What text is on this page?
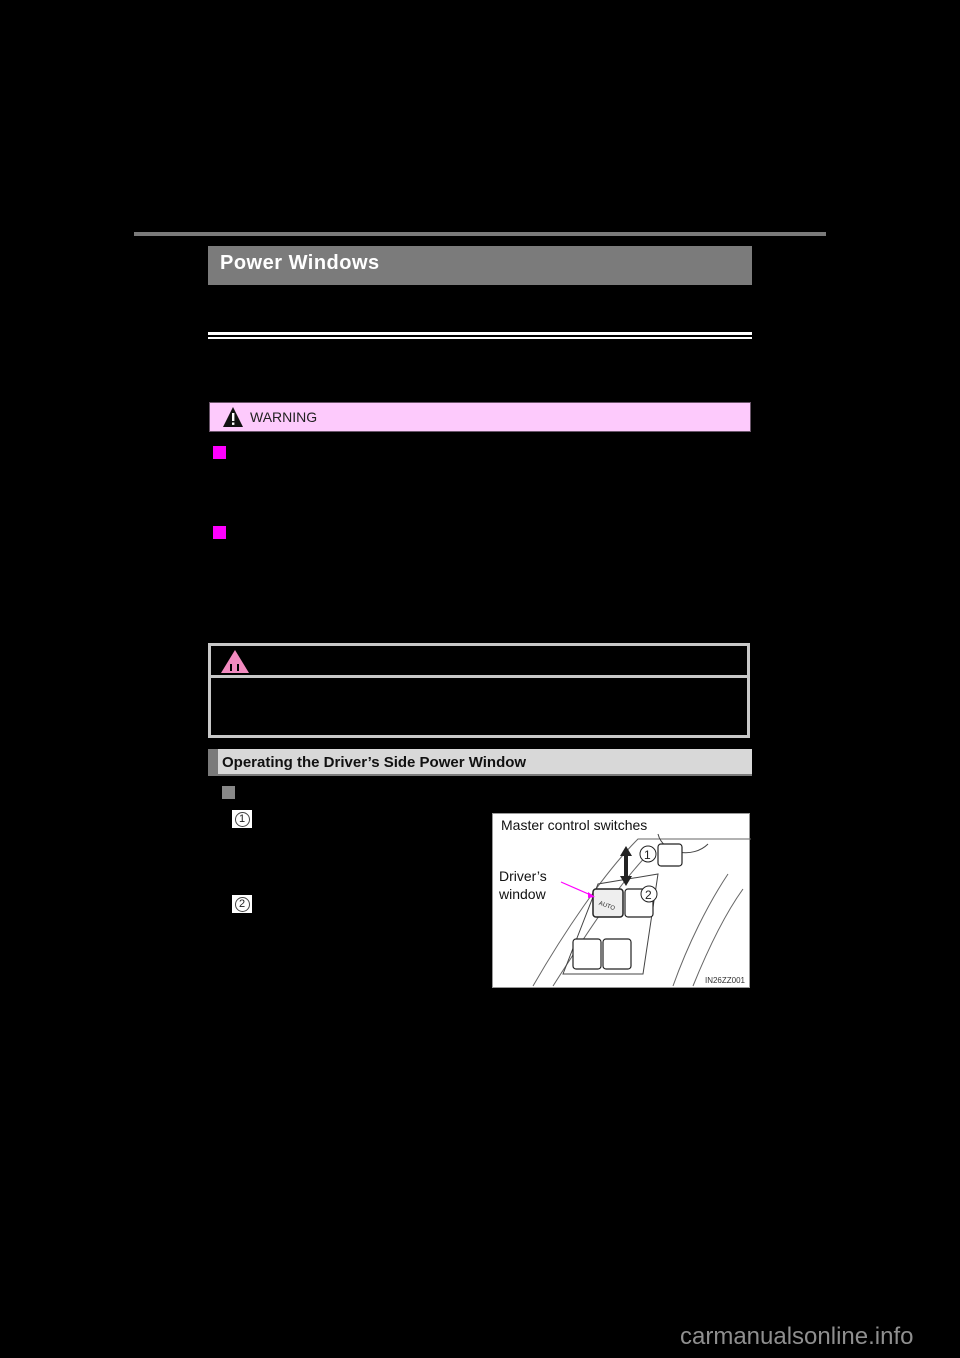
Power Windows
WARNING
Operating the Driver’s Side Power Window
1
2
Master control switches
Driver’s
window
AUTO
1
2
IN26ZZ001
carmanualsonline.info
